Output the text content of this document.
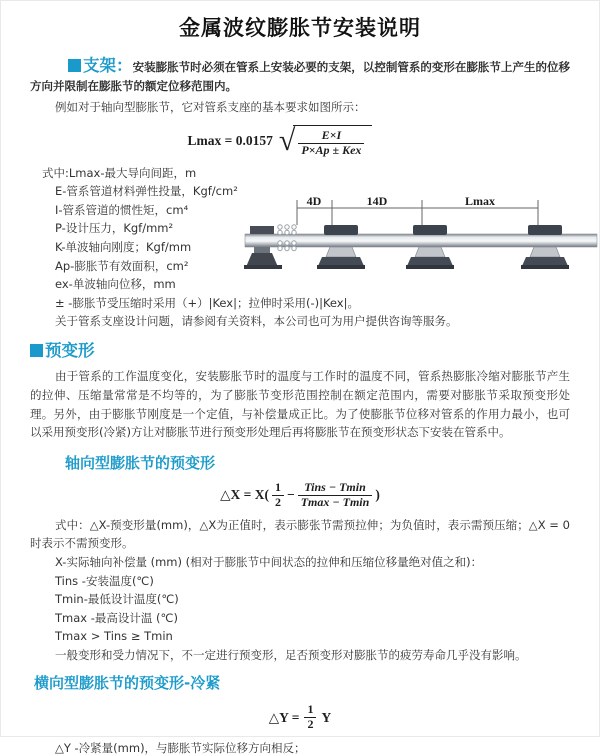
金属波纹膨胀节安装说明

支架：安装膨胀节时必须在管系上安装必要的支架，以控制管系的变形在膨胀节上产生的位移方向并限制在膨胀节的额定位移范围内。

例如对于轴向型膨胀节，它对管系支座的基本要求如图所示：

Lmax = 0.0157 √ $\frac{E\times I}{\text{P×Ap ± Kex}}$
式中:Lmax-最大导向间距，m
E-管系管道材料弹性投量，Kgf/cm²
I-管系管道的惯性矩，cm⁴
P-设计压力，Kgf/mm²
K-单波轴向刚度；Kgf/mm
Ap-膨胀节有效面积，cm²
ex-单波轴向位移，mm
± -膨胀节受压缩时采用（+）|Kex|；拉伸时采用(-)|Kex|。
关于管系支座设计问题，请参阅有关资料，本公司也可为用户提供咨询等服务。
4D	14D	Lmax
预变形

由于管系的工作温度变化，安装膨胀节时的温度与工作时的温度不同，管系热膨胀冷缩对膨胀节产生的拉伸、压缩量常常是不均等的，为了膨胀节变形范围控制在额定范围内，需要对膨胀节采取预变形处理。另外，由于膨胀节刚度是一个定值，与补偿量成正比。为了使膨胀节位移对管系的作用力最小，也可以采用预变形(冷紧)方让对膨胀节进行预变形处理后再将膨胀节在预变形状态下安装在管系中。

轴向型膨胀节的预变形
△X = $X( \frac{1}{2} - \frac{\text{Tins − Tmin}}{Tmax - Tmin}$ )

式中：△X-预变形量(mm)，△X为正值时，表示膨张节需预拉伸；为负值时，表示需预压缩；△X = 0时表示不需预变形。

X-实际轴向补偿量 (mm) (相对于膨胀节中间状态的拉伸和压缩位移量绝对值之和)：
Tins -安装温度(℃)
Tmin-最低设计温度(℃)
Tmax -最高设计温 (℃)
Tmax > Tins ≥ Tmin
一般变形和受力情况下，不一定进行预变形，足否预变形对膨胀节的疲劳寿命几乎没有影响。
横向型膨胀节的预变形-冷紧
△Y = $\frac{1}{2}$ Y
△Y -冷紧量(mm)，与膨胀节实际位移方向相反；
